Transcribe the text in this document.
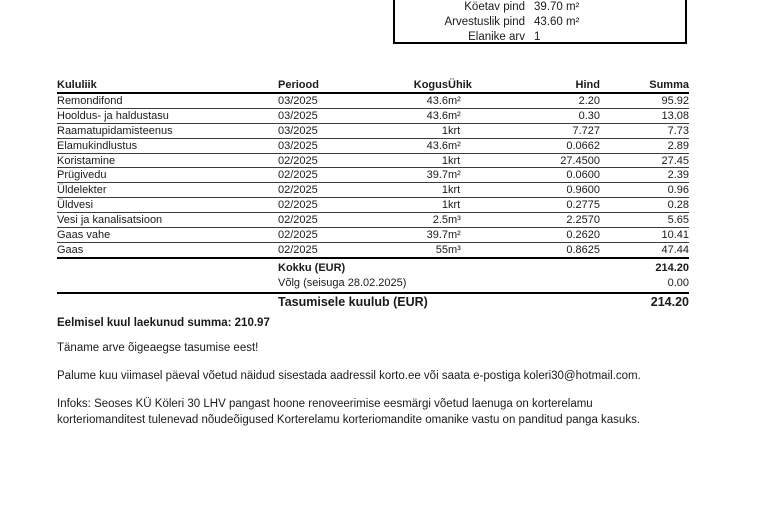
Köetav pind 39.70 m²
Arvestuslik pind 43.60 m²
Elanike arv 1
Kululiik	Periood	Kogus	Ühik	Hind	Summa
Remondifond	03/2025	43.6	m²	2.20	95.92
Hooldus- ja haldustasu	03/2025	43.6	m²	0.30	13.08
Raamatupidamisteenus	03/2025	1	krt	7.727	7.73
Elamukindlustus	03/2025	43.6	m²	0.0662	2.89
Koristamine	02/2025	1	krt	27.4500	27.45
Prügivedu	02/2025	39.7	m²	0.0600	2.39
Üldelekter	02/2025	1	krt	0.9600	0.96
Üldvesi	02/2025	1	krt	0.2775	0.28
Vesi ja kanalisatsioon	02/2025	2.5	m³	2.2570	5.65
Gaas vahe	02/2025	39.7	m²	0.2620	10.41
Gaas	02/2025	55	m³	0.8625	47.44
Kokku (EUR)	214.20
Võlg (seisuga 28.02.2025)	0.00
Tasumisele kuulub (EUR)	214.20

Eelmisel kuul laekunud summa: 210.97

Täname arve õigeaegse tasumise eest!

Palume kuu viimasel päeval võetud näidud sisestada aadressil korto.ee või saata e-postiga koleri30@hotmail.com.

Infoks: Seoses KÜ Köleri 30 LHV pangast hoone renoveerimise eesmärgi võetud laenuga on korterelamu korteriomanditest tulenevad nõudeõigused Korterelamu korteriomandite omanike vastu on panditud panga kasuks.
